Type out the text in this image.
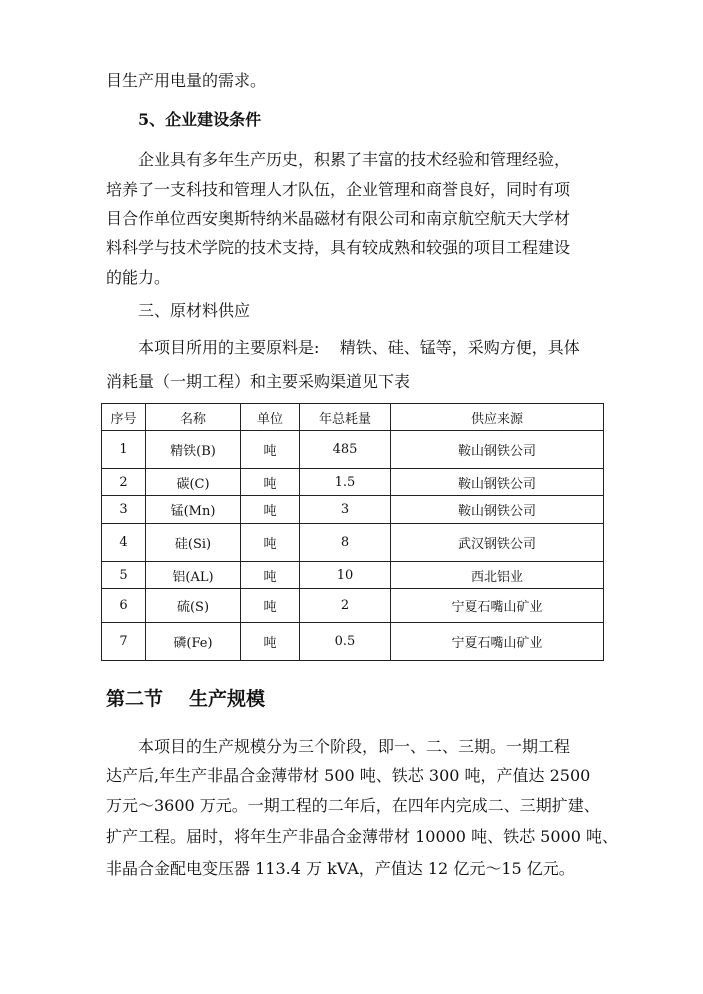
目生产用电量的需求。
5、企业建设条件
企业具有多年生产历史，积累了丰富的技术经验和管理经验，
培养了一支科技和管理人才队伍，企业管理和商誉良好，同时有项
目合作单位西安奥斯特纳米晶磁材有限公司和南京航空航天大学材
料科学与技术学院的技术支持，具有较成熟和较强的项目工程建设
的能力。
三、原材料供应
本项目所用的主要原料是:    精铁、硅、锰等，采购方便，具体
消耗量（一期工程）和主要采购渠道见下表
序号	名称	单位	年总耗量	供应来源
1	精铁(B)	吨	485	鞍山钢铁公司
2	碳(C)	吨	1.5	鞍山钢铁公司
3	锰(Mn)	吨	3	鞍山钢铁公司
4	硅(Si)	吨	8	武汉钢铁公司
5	铝(AL)	吨	10	西北铝业
6	硫(S)	吨	2	宁夏石嘴山矿业
7	磷(Fe)	吨	0.5	宁夏石嘴山矿业
第二节 生产规模
本项目的生产规模分为三个阶段，即一、二、三期。一期工程
达产后,年生产非晶合金薄带材 500 吨、铁芯 300 吨，产值达 2500
万元～3600 万元。一期工程的二年后，在四年内完成二、三期扩建、
扩产工程。届时，将年生产非晶合金薄带材 10000 吨、铁芯 5000 吨、
非晶合金配电变压器 113.4 万 kVA，产值达 12 亿元～15 亿元。
